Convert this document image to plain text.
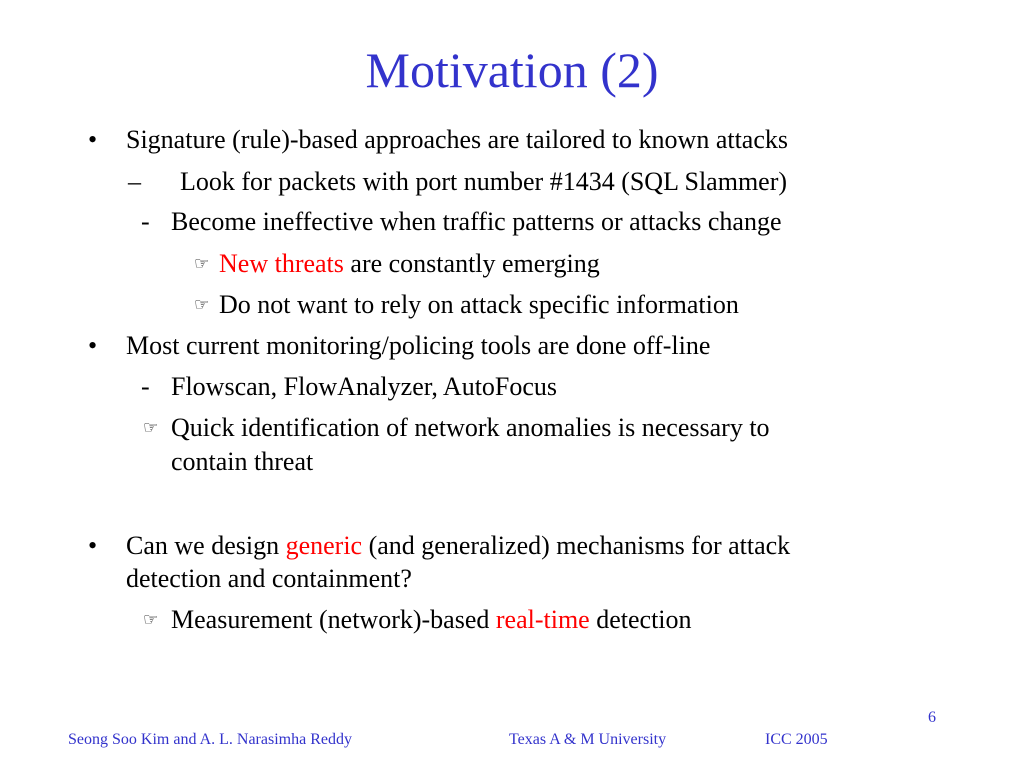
Motivation (2)
• Signature (rule)-based approaches are tailored to known attacks
– Look for packets with port number #1434 (SQL Slammer)
- Become ineffective when traffic patterns or attacks change
☞ New threats are constantly emerging
☞ Do not want to rely on attack specific information
• Most current monitoring/policing tools are done off-line
- Flowscan, FlowAnalyzer, AutoFocus
☞ Quick identification of network anomalies is necessary to
contain threat
• Can we design generic (and generalized) mechanisms for attack
detection and containment?
☞ Measurement (network)-based real-time detection
6
Seong Soo Kim and A. L. Narasimha Reddy	Texas A & M University	ICC 2005
